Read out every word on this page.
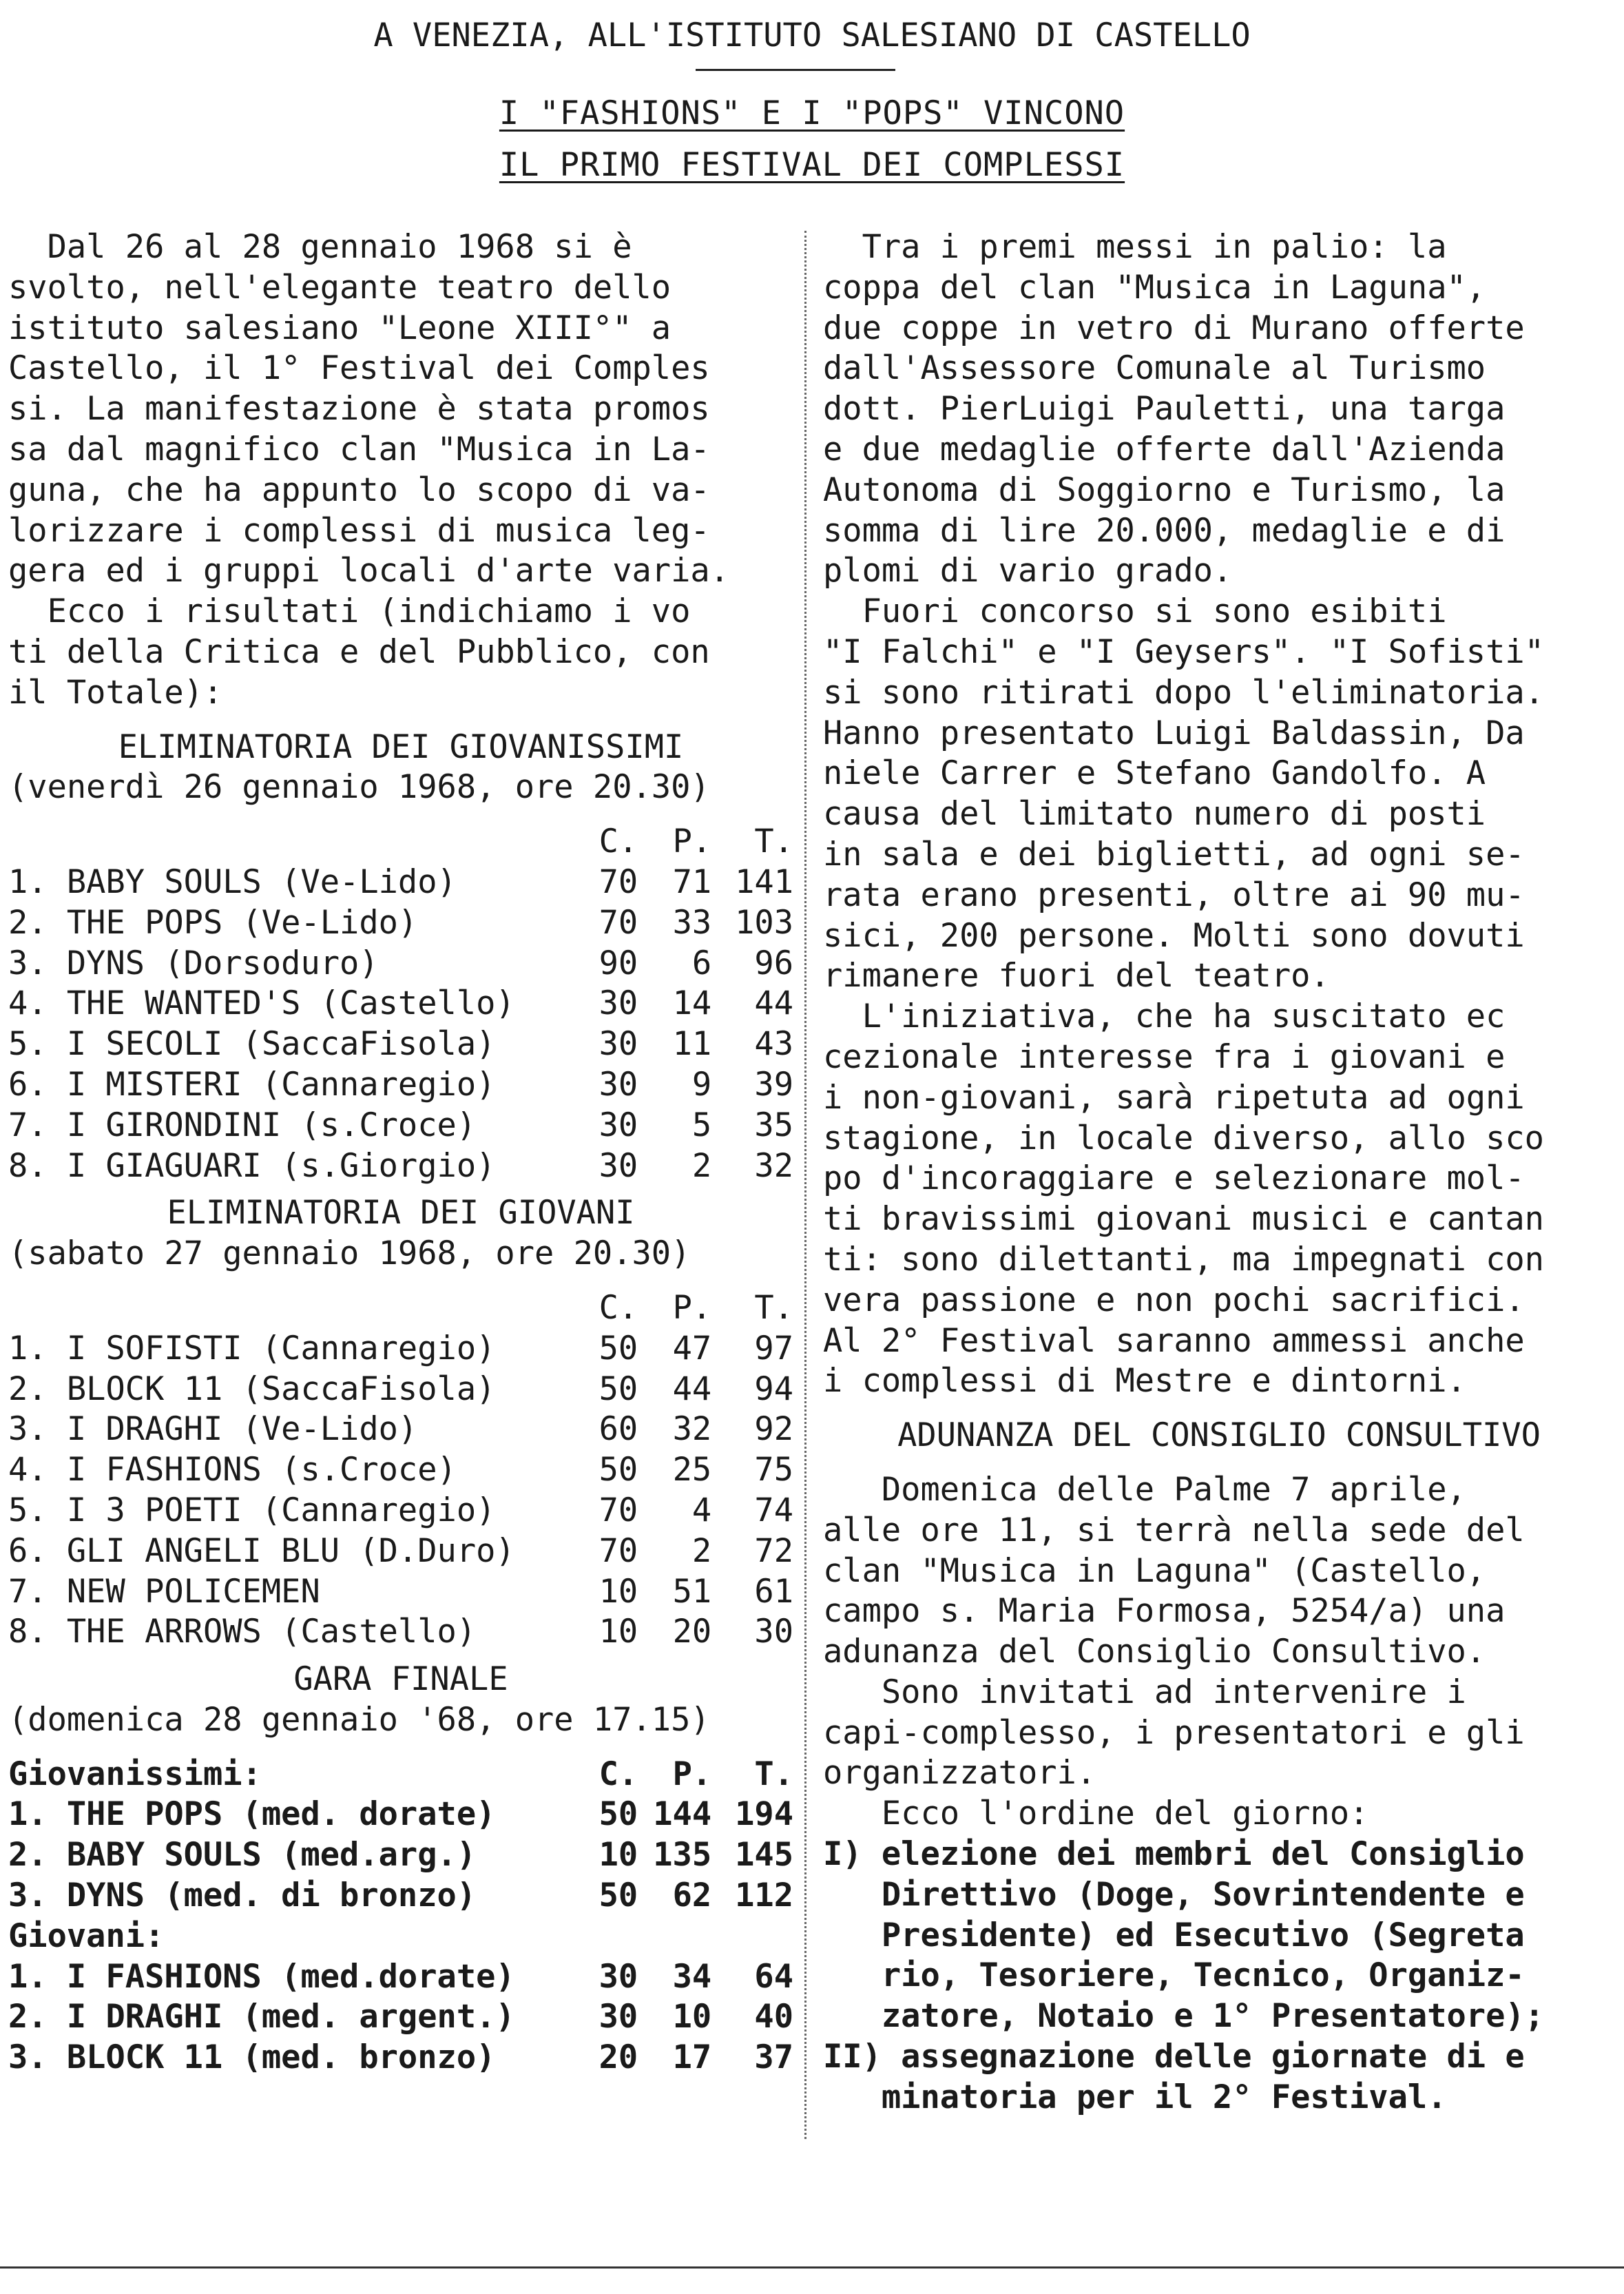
A VENEZIA, ALL'ISTITUTO SALESIANO DI CASTELLO
I "FASHIONS" E I "POPS" VINCONO
IL PRIMO FESTIVAL DEI COMPLESSI
Dal 26 al 28 gennaio 1968 si è
svolto, nell'elegante teatro dello
istituto salesiano "Leone XIII°" a
Castello, il 1° Festival dei Comples
si. La manifestazione è stata promos
sa dal magnifico clan "Musica in La-
guna, che ha appunto lo scopo di va-
lorizzare i complessi di musica leg-
gera ed i gruppi locali d'arte varia.
Ecco i risultati (indichiamo i vo
ti della Critica e del Pubblico, con
il Totale):
ELIMINATORIA DEI GIOVANISSIMI
(venerdì 26 gennaio 1968, ore 20.30)
C.	P.	T.
1. BABY SOULS (Ve-Lido)	70	71 141
2. THE POPS (Ve-Lido)	70	33 103
3. DYNS (Dorsoduro)	90	6	96
4. THE WANTED'S (Castello)	30	14	44
5. I SECOLI (SaccaFisola)	30	11	43
6. I MISTERI (Cannaregio)	30	9	39
7. I GIRONDINI (s.Croce)	30	5	35
8. I GIAGUARI (s.Giorgio)	30	2	32
ELIMINATORIA DEI GIOVANI
(sabato 27 gennaio 1968, ore 20.30)
C.	P.	T.
1. I SOFISTI (Cannaregio)	50	47	97
2. BLOCK 11 (SaccaFisola)	50	44	94
3. I DRAGHI (Ve-Lido)	60	32	92
4. I FASHIONS (s.Croce)	50	25	75
5. I 3 POETI (Cannaregio)	70	4	74
6. GLI ANGELI BLU (D.Duro)	70	2	72
7. NEW POLICEMEN	10	51	61
8. THE ARROWS (Castello)	10	20	30
GARA FINALE
(domenica 28 gennaio '68, ore 17.15)
Giovanissimi:	C.	P.	T.
1. THE POPS (med. dorate)	50 144 194
2. BABY SOULS (med.arg.)	10 135 145
3. DYNS (med. di bronzo)	50	62 112
Giovani:
1. I FASHIONS (med.dorate)	30	34	64
2. I DRAGHI (med. argent.)	30	10	40
3. BLOCK 11 (med. bronzo)	20	17	37
Tra i premi messi in palio: la
coppa del clan "Musica in Laguna",
due coppe in vetro di Murano offerte
dall'Assessore Comunale al Turismo
dott. PierLuigi Pauletti, una targa
e due medaglie offerte dall'Azienda
Autonoma di Soggiorno e Turismo, la
somma di lire 20.000, medaglie e di
plomi di vario grado.
Fuori concorso si sono esibiti
"I Falchi" e "I Geysers". "I Sofisti"
si sono ritirati dopo l'eliminatoria.
Hanno presentato Luigi Baldassin, Da
niele Carrer e Stefano Gandolfo. A
causa del limitato numero di posti
in sala e dei biglietti, ad ogni se-
rata erano presenti, oltre ai 90 mu-
sici, 200 persone. Molti sono dovuti
rimanere fuori del teatro.
L'iniziativa, che ha suscitato ec
cezionale interesse fra i giovani e
i non-giovani, sarà ripetuta ad ogni
stagione, in locale diverso, allo sco
po d'incoraggiare e selezionare mol-
ti bravissimi giovani musici e cantan
ti: sono dilettanti, ma impegnati con
vera passione e non pochi sacrifici.
Al 2° Festival saranno ammessi anche
i complessi di Mestre e dintorni.
ADUNANZA DEL CONSIGLIO CONSULTIVO
Domenica delle Palme 7 aprile,
alle ore 11, si terrà nella sede del
clan "Musica in Laguna" (Castello,
campo s. Maria Formosa, 5254/a) una
adunanza del Consiglio Consultivo.
Sono invitati ad intervenire i
capi-complesso, i presentatori e gli
organizzatori.
Ecco l'ordine del giorno:
I) elezione dei membri del Consiglio
Direttivo (Doge, Sovrintendente e
Presidente) ed Esecutivo (Segreta
rio, Tesoriere, Tecnico, Organiz-
zatore, Notaio e 1° Presentatore);
II) assegnazione delle giornate di e
minatoria per il 2° Festival.
